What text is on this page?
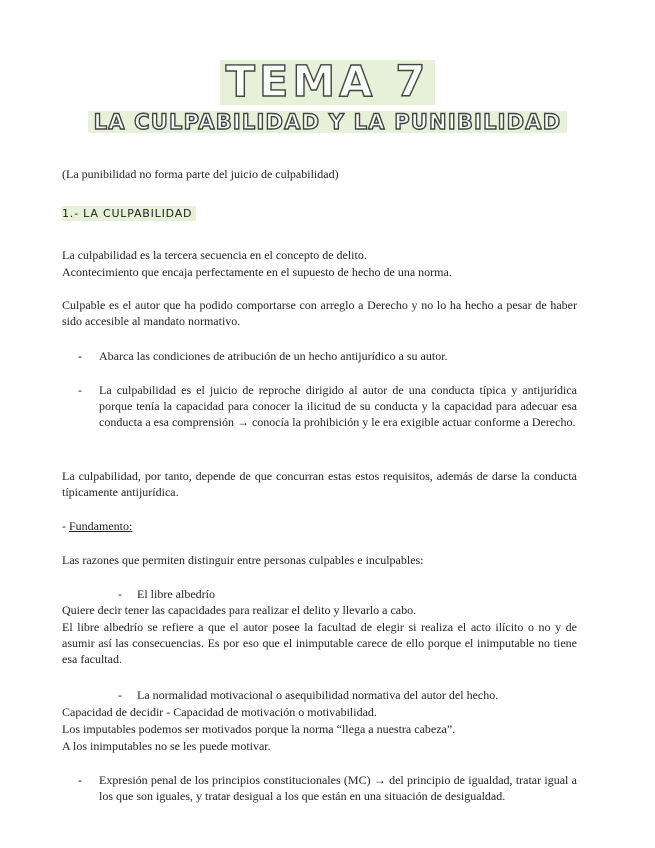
TEMA 7
LA CULPABILIDAD Y LA PUNIBILIDAD

(La punibilidad no forma parte del juicio de culpabilidad)

1.- LA CULPABILIDAD

La culpabilidad es la tercera secuencia en el concepto de delito.

Acontecimiento que encaja perfectamente en el supuesto de hecho de una norma.

Culpable es el autor que ha podido comportarse con arreglo a Derecho y no lo ha hecho a pesar de haber sido accesible al mandato normativo.

- Abarca las condiciones de atribución de un hecho antijurídico a su autor.

- La culpabilidad es el juicio de reproche dirigido al autor de una conducta típica y antijurídica porque tenía la capacidad para conocer la ilicitud de su conducta y la capacidad para adecuar esa conducta a esa comprensión → conocía la prohibición y le era exigible actuar conforme a Derecho.

La culpabilidad, por tanto, depende de que concurran estas estos requisitos, además de darse la conducta típicamente antijurídica.

- Fundamento:

Las razones que permiten distinguir entre personas culpables e inculpables:

- El libre albedrío

Quiere decir tener las capacidades para realizar el delito y llevarlo a cabo.

El libre albedrío se refiere a que el autor posee la facultad de elegir si realiza el acto ilícito o no y de asumir así las consecuencias. Es por eso que el inimputable carece de ello porque el inimputable no tiene esa facultad.

- La normalidad motivacional o asequibilidad normativa del autor del hecho.

Capacidad de decidir - Capacidad de motivación o motivabilidad.

Los imputables podemos ser motivados porque la norma “llega a nuestra cabeza”.

A los inimputables no se les puede motivar.

- Expresión penal de los principios constitucionales (MC) → del principio de igualdad, tratar igual a los que son iguales, y tratar desigual a los que están en una situación de desigualdad.
